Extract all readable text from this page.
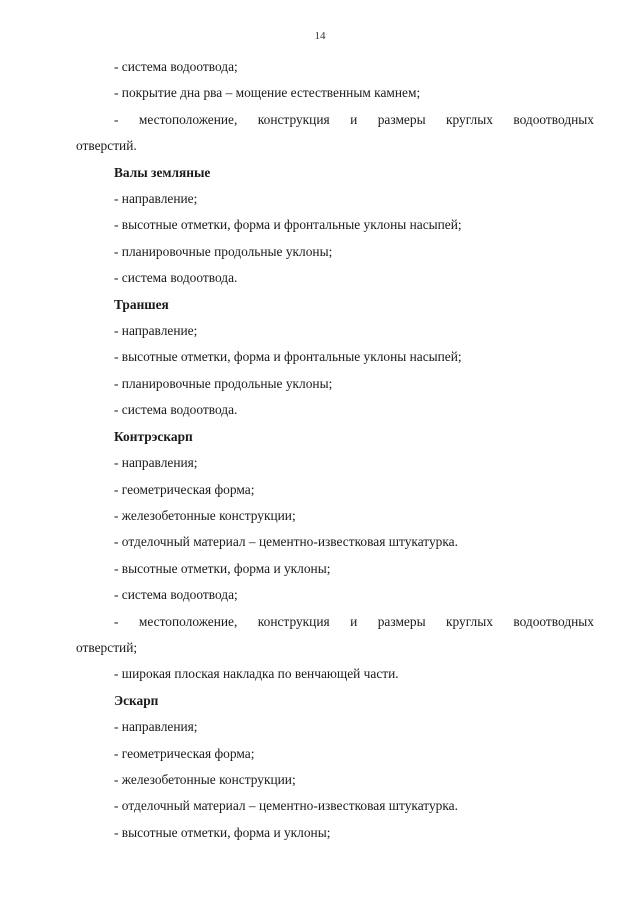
14

- система водоотвода;

- покрытие дна рва – мощение естественным камнем;

- местоположение, конструкция и размеры круглых водоотводных
отверстий.

Валы земляные

- направление;

- высотные отметки, форма и фронтальные уклоны насыпей;

- планировочные продольные уклоны;

- система водоотвода.

Траншея

- направление;

- высотные отметки, форма и фронтальные уклоны насыпей;

- планировочные продольные уклоны;

- система водоотвода.

Контрэскарп

- направления;

- геометрическая форма;

- железобетонные конструкции;

- отделочный материал – цементно-известковая штукатурка.

- высотные отметки, форма и уклоны;

- система водоотвода;

- местоположение, конструкция и размеры круглых водоотводных
отверстий;

- широкая плоская накладка по венчающей части.

Эскарп

- направления;

- геометрическая форма;

- железобетонные конструкции;

- отделочный материал – цементно-известковая штукатурка.

- высотные отметки, форма и уклоны;
